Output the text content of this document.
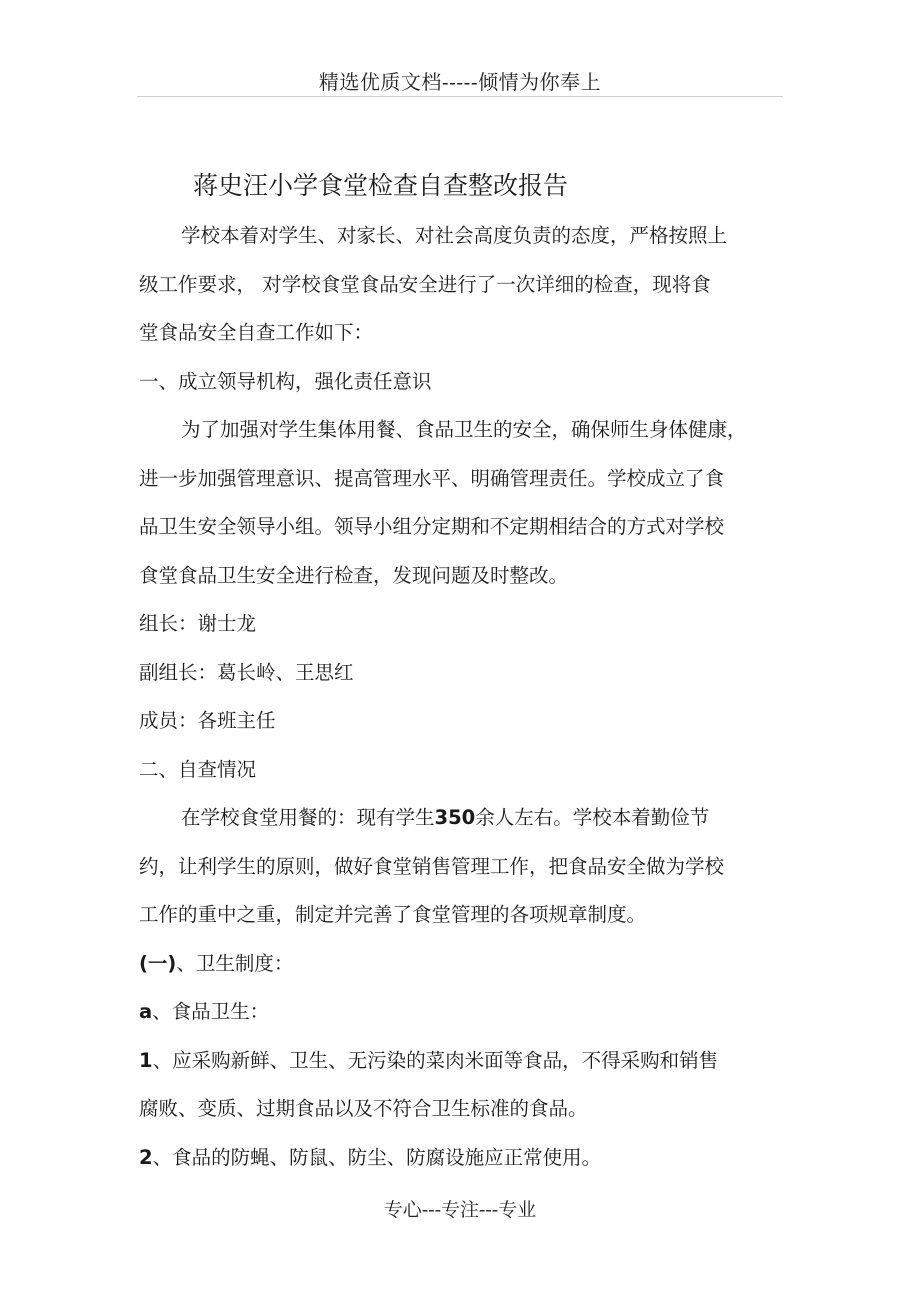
精选优质文档-----倾情为你奉上
蒋史汪小学食堂检查自查整改报告
学校本着对学生、对家长、对社会高度负责的态度，严格按照上
级工作要求， 对学校食堂食品安全进行了一次详细的检查，现将食
堂食品安全自查工作如下：
一、成立领导机构，强化责任意识
为了加强对学生集体用餐、食品卫生的安全，确保师生身体健康，
进一步加强管理意识、提高管理水平、明确管理责任。学校成立了食
品卫生安全领导小组。领导小组分定期和不定期相结合的方式对学校
食堂食品卫生安全进行检查，发现问题及时整改。
组长：谢士龙
副组长：葛长岭、王思红
成员：各班主任
二、自查情况
在学校食堂用餐的：现有学生350余人左右。学校本着勤俭节
约，让利学生的原则，做好食堂销售管理工作，把食品安全做为学校
工作的重中之重，制定并完善了食堂管理的各项规章制度。
(一)、卫生制度：
a、食品卫生：
1、应采购新鲜、卫生、无污染的菜肉米面等食品，不得采购和销售
腐败、变质、过期食品以及不符合卫生标准的食品。
2、食品的防蝇、防鼠、防尘、防腐设施应正常使用。
专心---专注---专业
